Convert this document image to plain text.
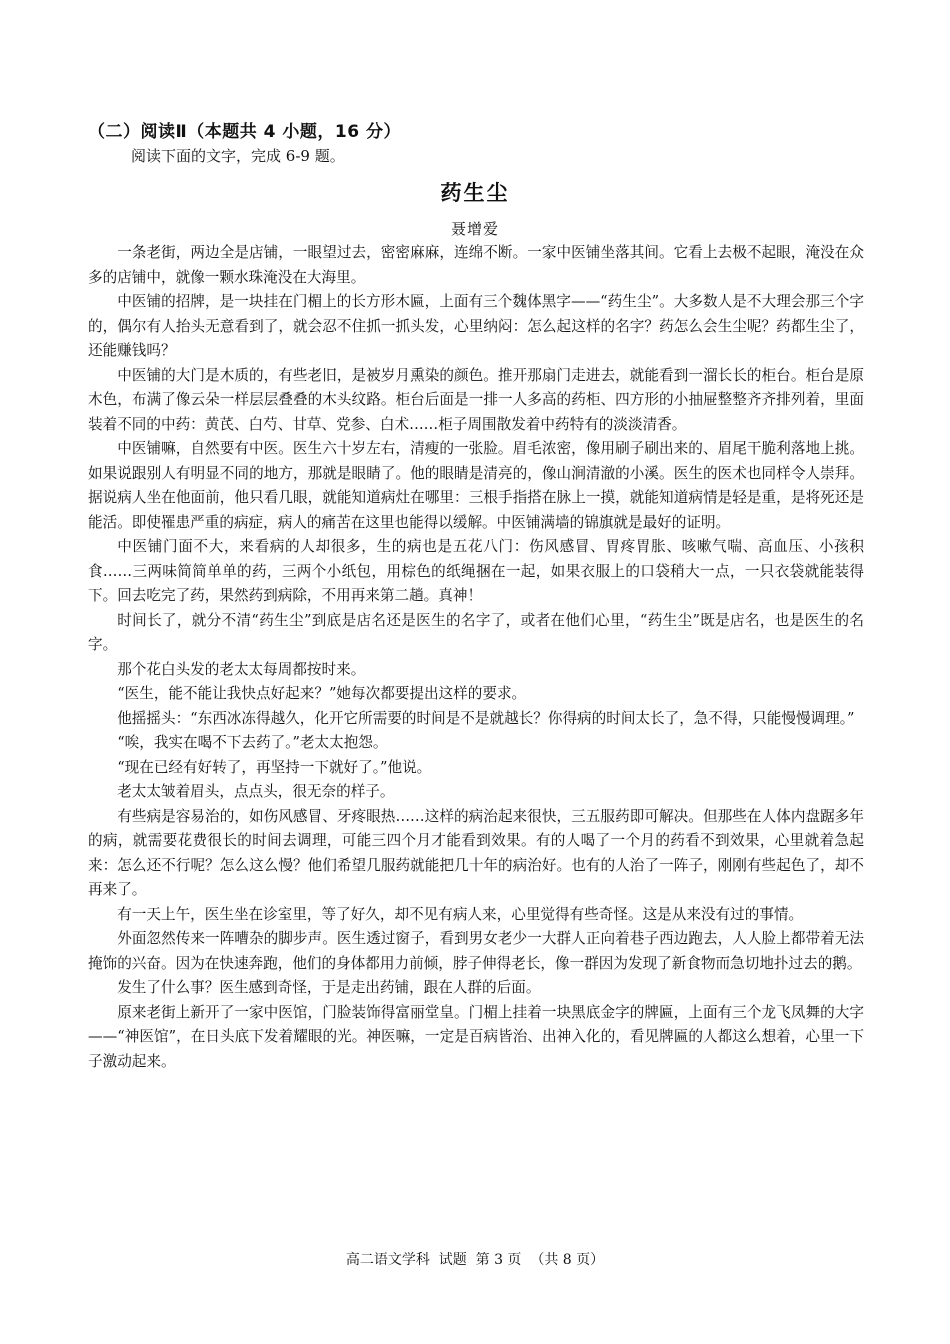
（二）阅读Ⅱ（本题共 4 小题，16 分）
阅读下面的文字，完成 6-9 题。
药生尘
聂增爱

一条老街，两边全是店铺，一眼望过去，密密麻麻，连绵不断。一家中医铺坐落其间。它看上去极不起眼，淹没在众多的店铺中，就像一颗水珠淹没在大海里。

中医铺的招牌，是一块挂在门楣上的长方形木匾，上面有三个魏体黑字——“药生尘”。大多数人是不大理会那三个字的，偶尔有人抬头无意看到了，就会忍不住抓一抓头发，心里纳闷：怎么起这样的名字？药怎么会生尘呢？药都生尘了，还能赚钱吗？

中医铺的大门是木质的，有些老旧，是被岁月熏染的颜色。推开那扇门走进去，就能看到一溜长长的柜台。柜台是原木色，布满了像云朵一样层层叠叠的木头纹路。柜台后面是一排一人多高的药柜、四方形的小抽屉整整齐齐排列着，里面装着不同的中药：黄芪、白芍、甘草、党参、白术……柜子周围散发着中药特有的淡淡清香。

中医铺嘛，自然要有中医。医生六十岁左右，清瘦的一张脸。眉毛浓密，像用刷子刷出来的、眉尾干脆利落地上挑。如果说跟别人有明显不同的地方，那就是眼睛了。他的眼睛是清亮的，像山涧清澈的小溪。医生的医术也同样令人崇拜。据说病人坐在他面前，他只看几眼，就能知道病灶在哪里：三根手指搭在脉上一摸，就能知道病情是轻是重，是将死还是能活。即使罹患严重的病症，病人的痛苦在这里也能得以缓解。中医铺满墙的锦旗就是最好的证明。

中医铺门面不大，来看病的人却很多，生的病也是五花八门：伤风感冒、胃疼胃胀、咳嗽气喘、高血压、小孩积食……三两味简简单单的药，三两个小纸包，用棕色的纸绳捆在一起，如果衣服上的口袋稍大一点，一只衣袋就能装得下。回去吃完了药，果然药到病除，不用再来第二趟。真神！

时间长了，就分不清“药生尘”到底是店名还是医生的名字了，或者在他们心里，“药生尘”既是店名，也是医生的名字。

那个花白头发的老太太每周都按时来。

“医生，能不能让我快点好起来？”她每次都要提出这样的要求。

他摇摇头：“东西冰冻得越久，化开它所需要的时间是不是就越长？你得病的时间太长了，急不得，只能慢慢调理。”

“唉，我实在喝不下去药了。”老太太抱怨。

“现在已经有好转了，再坚持一下就好了。”他说。

老太太皱着眉头，点点头，很无奈的样子。

有些病是容易治的，如伤风感冒、牙疼眼热……这样的病治起来很快，三五服药即可解决。但那些在人体内盘踞多年的病，就需要花费很长的时间去调理，可能三四个月才能看到效果。有的人喝了一个月的药看不到效果，心里就着急起来：怎么还不行呢？怎么这么慢？他们希望几服药就能把几十年的病治好。也有的人治了一阵子，刚刚有些起色了，却不再来了。

有一天上午，医生坐在诊室里，等了好久，却不见有病人来，心里觉得有些奇怪。这是从来没有过的事情。

外面忽然传来一阵嘈杂的脚步声。医生透过窗子，看到男女老少一大群人正向着巷子西边跑去，人人脸上都带着无法掩饰的兴奋。因为在快速奔跑，他们的身体都用力前倾，脖子伸得老长，像一群因为发现了新食物而急切地扑过去的鹅。

发生了什么事？医生感到奇怪，于是走出药铺，跟在人群的后面。

原来老街上新开了一家中医馆，门脸装饰得富丽堂皇。门楣上挂着一块黑底金字的牌匾，上面有三个龙飞凤舞的大字——“神医馆”，在日头底下发着耀眼的光。神医嘛，一定是百病皆治、出神入化的，看见牌匾的人都这么想着，心里一下子激动起来。

高二语文学科  试题  第 3 页  （共 8 页）
